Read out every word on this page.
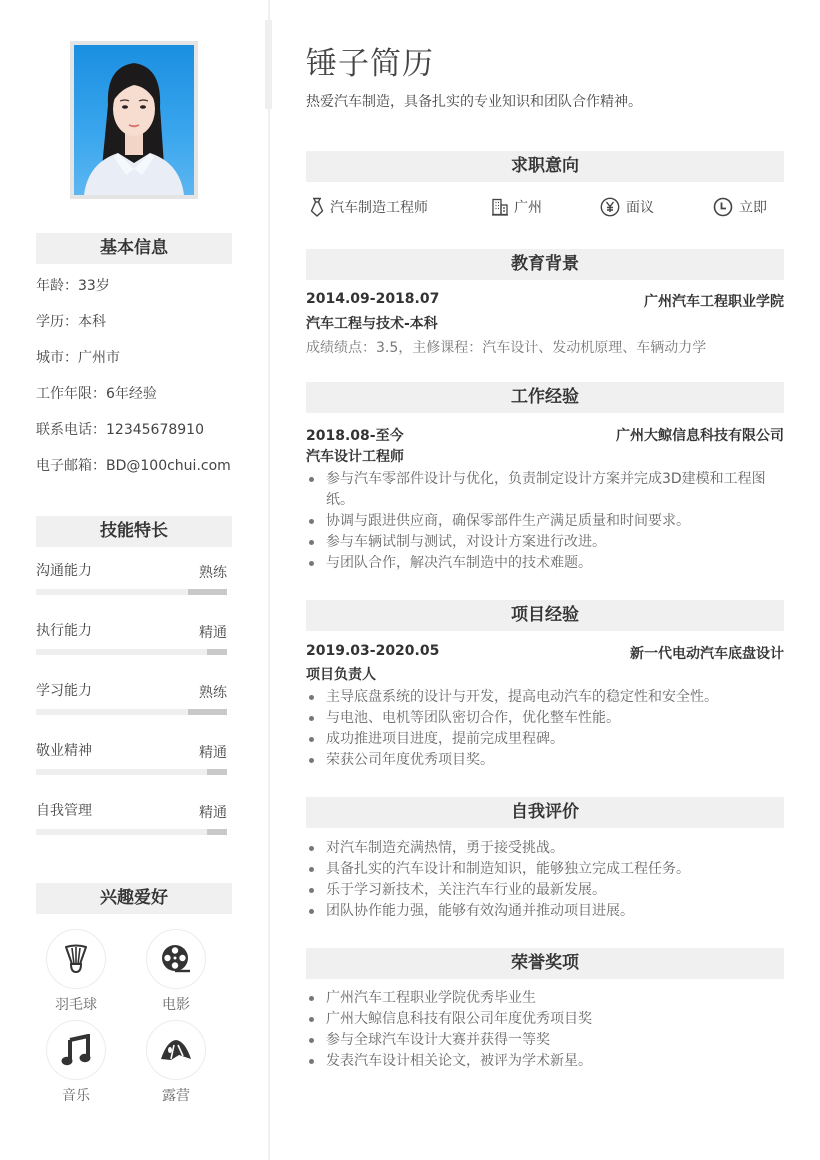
基本信息
年龄：33岁
学历：本科
城市：广州市
工作年限：6年经验
联系电话：12345678910
电子邮箱：BD@100chui.com
技能特长
沟通能力	熟练
执行能力	精通
学习能力	熟练
敬业精神	精通
自我管理	精通
兴趣爱好
羽毛球	电影
音乐	露营
锤子简历
热爱汽车制造，具备扎实的专业知识和团队合作精神。
求职意向
汽车制造工程师	广州	面议	立即
教育背景
2014.09-2018.07	广州汽车工程职业学院
汽车工程与技术-本科
成绩绩点：3.5，主修课程：汽车设计、发动机原理、车辆动力学
工作经验
2018.08-至今	广州大鲸信息科技有限公司
汽车设计工程师
参与汽车零部件设计与优化，负责制定设计方案并完成3D建模和工程图纸。
协调与跟进供应商，确保零部件生产满足质量和时间要求。
参与车辆试制与测试，对设计方案进行改进。
与团队合作，解决汽车制造中的技术难题。
项目经验
2019.03-2020.05	新一代电动汽车底盘设计
项目负责人
主导底盘系统的设计与开发，提高电动汽车的稳定性和安全性。
与电池、电机等团队密切合作，优化整车性能。
成功推进项目进度，提前完成里程碑。
荣获公司年度优秀项目奖。
自我评价
对汽车制造充满热情，勇于接受挑战。
具备扎实的汽车设计和制造知识，能够独立完成工程任务。
乐于学习新技术，关注汽车行业的最新发展。
团队协作能力强，能够有效沟通并推动项目进展。
荣誉奖项
广州汽车工程职业学院优秀毕业生
广州大鲸信息科技有限公司年度优秀项目奖
参与全球汽车设计大赛并获得一等奖
发表汽车设计相关论文，被评为学术新星。
